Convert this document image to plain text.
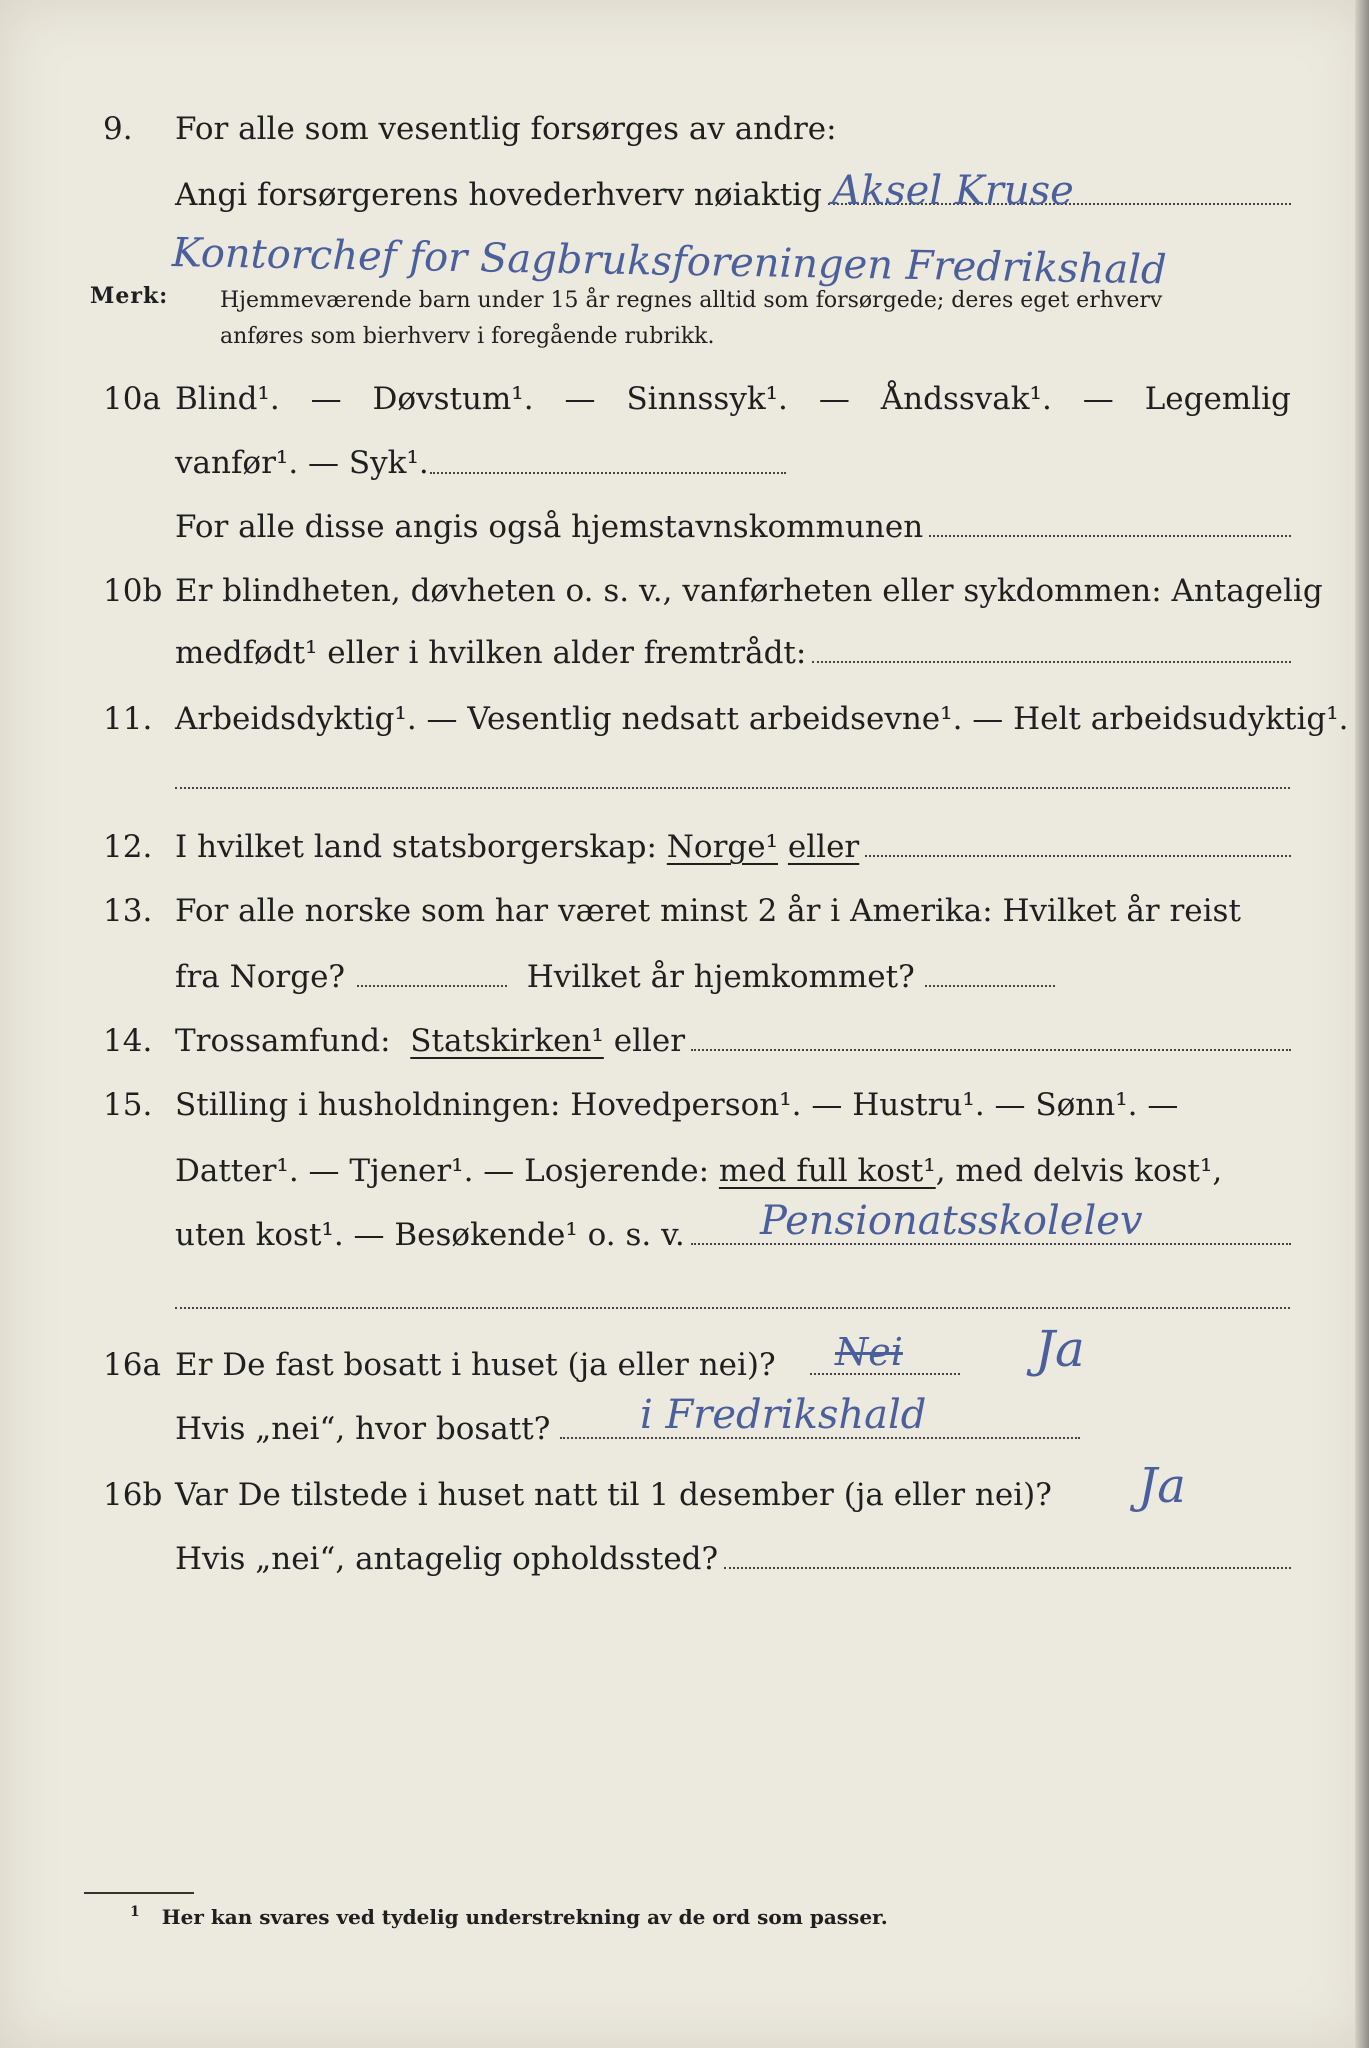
9. For alle som vesentlig forsørges av andre:
Angi forsørgerens hovederhverv nøiaktig Aksel Kruse
Kontorchef for Sagbruksforeningen Fredrikshald
Merk: Hjemmeværende barn under 15 år regnes alltid som forsørgede; deres eget erhverv
anføres som bierhverv i foregående rubrikk.
10a Blind¹. — Døvstum¹. — Sinnssyk¹. — Åndssvak¹. — Legemlig
vanfør¹. — Syk¹.
For alle disse angis også hjemstavnskommunen
10b Er blindheten, døvheten o. s. v., vanførheten eller sykdommen: Antagelig
medfødt¹ eller i hvilken alder fremtrådt:
11. Arbeidsdyktig¹. — Vesentlig nedsatt arbeidsevne¹. — Helt arbeidsudyktig¹.
12. I hvilket land statsborgerskap:
Norge¹
eller
13. For alle norske som har været minst 2 år i Amerika: Hvilket år reist
fra Norge?	Hvilket år hjemkommet?
14. Trossamfund:
Statskirken¹
eller
15. Stilling i husholdningen: Hovedperson¹. — Hustru¹. — Sønn¹. —
Datter¹. — Tjener¹. — Losjerende: med full kost¹, med delvis kost¹,
uten kost¹. — Besøkende¹ o. s. v. Pensionatsskolelev
16a Er De fast bosatt i huset (ja eller nei)?	Nei	Ja
Hvis „nei“, hvor bosatt?	i Fredrikshald
16b Var De tilstede i huset natt til 1 desember (ja eller nei)?	Ja
Hvis „nei“, antagelig opholdssted?
$^1$ Her kan svares ved tydelig understrekning av de ord som passer.
